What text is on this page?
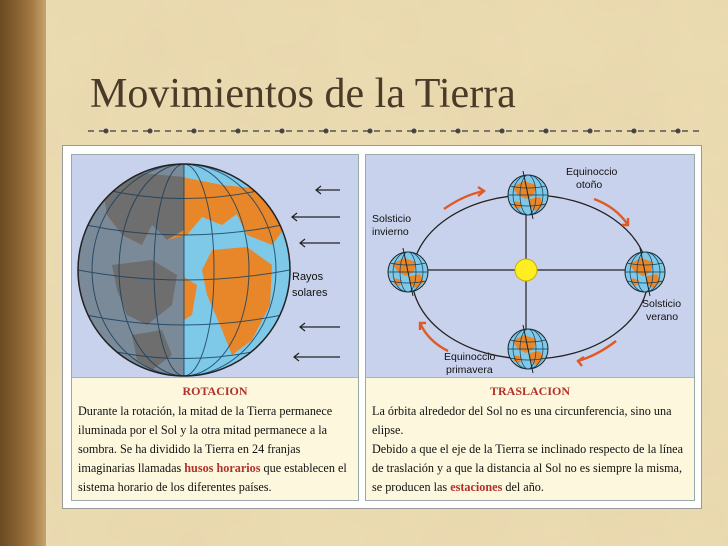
Movimientos de la Tierra
Rayos
solares
ROTACION
Durante la rotación, la mitad de la Tierra permanece iluminada por el Sol y la otra mitad permanece a la sombra. Se ha dividido la Tierra en 24 franjas imaginarias llamadas husos horarios que establecen el sistema horario de los diferentes países.
Equinoccio
otoño
Solsticio
invierno
Solsticio
verano
Equinoccio
primavera
TRASLACION
La órbita alrededor del Sol no es una circunferencia, sino una elipse.
Debido a que el eje de la Tierra se inclinado respecto de la línea de traslación y a que la distancia al Sol no es siempre la misma, se producen las estaciones del año.
